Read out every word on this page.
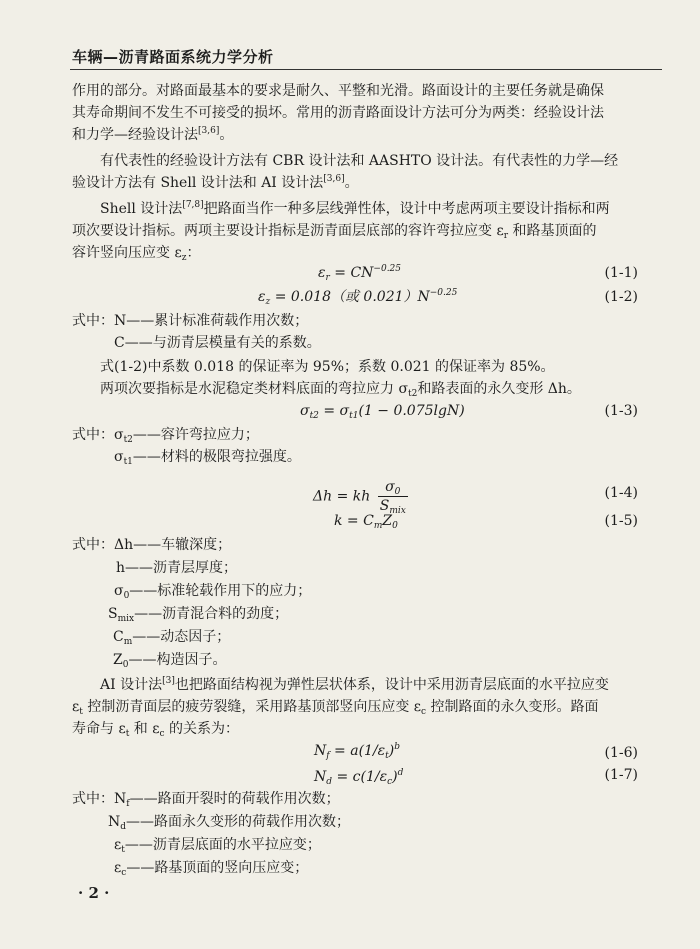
车辆—沥青路面系统力学分析
作用的部分。对路面最基本的要求是耐久、平整和光滑。路面设计的主要任务就是确保
其寿命期间不发生不可接受的损坏。常用的沥青路面设计方法可分为两类：经验设计法
和力学—经验设计法[3,6]。
有代表性的经验设计方法有 CBR 设计法和 AASHTO 设计法。有代表性的力学—经
验设计方法有 Shell 设计法和 AI 设计法[3,6]。
Shell 设计法[7,8]把路面当作一种多层线弹性体，设计中考虑两项主要设计指标和两
项次要设计指标。两项主要设计指标是沥青面层底部的容许弯拉应变 $\varepsilon_r$ 和路基顶面的
容许竖向压应变 $\varepsilon_z$：
$\varepsilon_r = CN^{-0.25}$	(1-1)
$\varepsilon_z = 0.018$（或 $0.021)N^{-0.25}$	(1-2)
式中：N——累计标准荷载作用次数；
C——与沥青层模量有关的系数。
式(1-2)中系数 0.018 的保证率为 95%；系数 0.021 的保证率为 85%。
两项次要指标是水泥稳定类材料底面的弯拉应力 $\sigma_{t2}$和路表面的永久变形 Δh。
$\sigma_{t2} = \sigma_{t1}(1 - 0.075\lg N)$	(1-3)
式中：$\sigma_{t2}——$容许弯拉应力；
$\sigma_{t1}——$材料的极限弯拉强度。
Δh = kh $\frac{\sigma_0}{S_{mix}}$	(1-4)
$k = C_mZ_0$	(1-5)
式中：Δh——车辙深度；
h——沥青层厚度；
$\sigma_0——$标准轮载作用下的应力；
$S_{mix}——$沥青混合料的劲度；
$C_m——$动态因子；
$Z_0——$构造因子。
AI 设计法[3]也把路面结构视为弹性层状体系，设计中采用沥青层底面的水平拉应变
$\varepsilon_t$ 控制沥青面层的疲劳裂缝，采用路基顶部竖向压应变 $\varepsilon_c$ 控制路面的永久变形。路面
寿命与 $\varepsilon_t$ 和 $\varepsilon_c$ 的关系为：
$N_f = a(1/\varepsilon_t)^b$	(1-6)
$N_d = c(1/\varepsilon_c)^d$	(1-7)
式中：$N_f——$路面开裂时的荷载作用次数；
$N_d——$路面永久变形的荷载作用次数；
$\varepsilon_t——$沥青层底面的水平拉应变；
$\varepsilon_c——$路基顶面的竖向压应变；
· 2 ·
